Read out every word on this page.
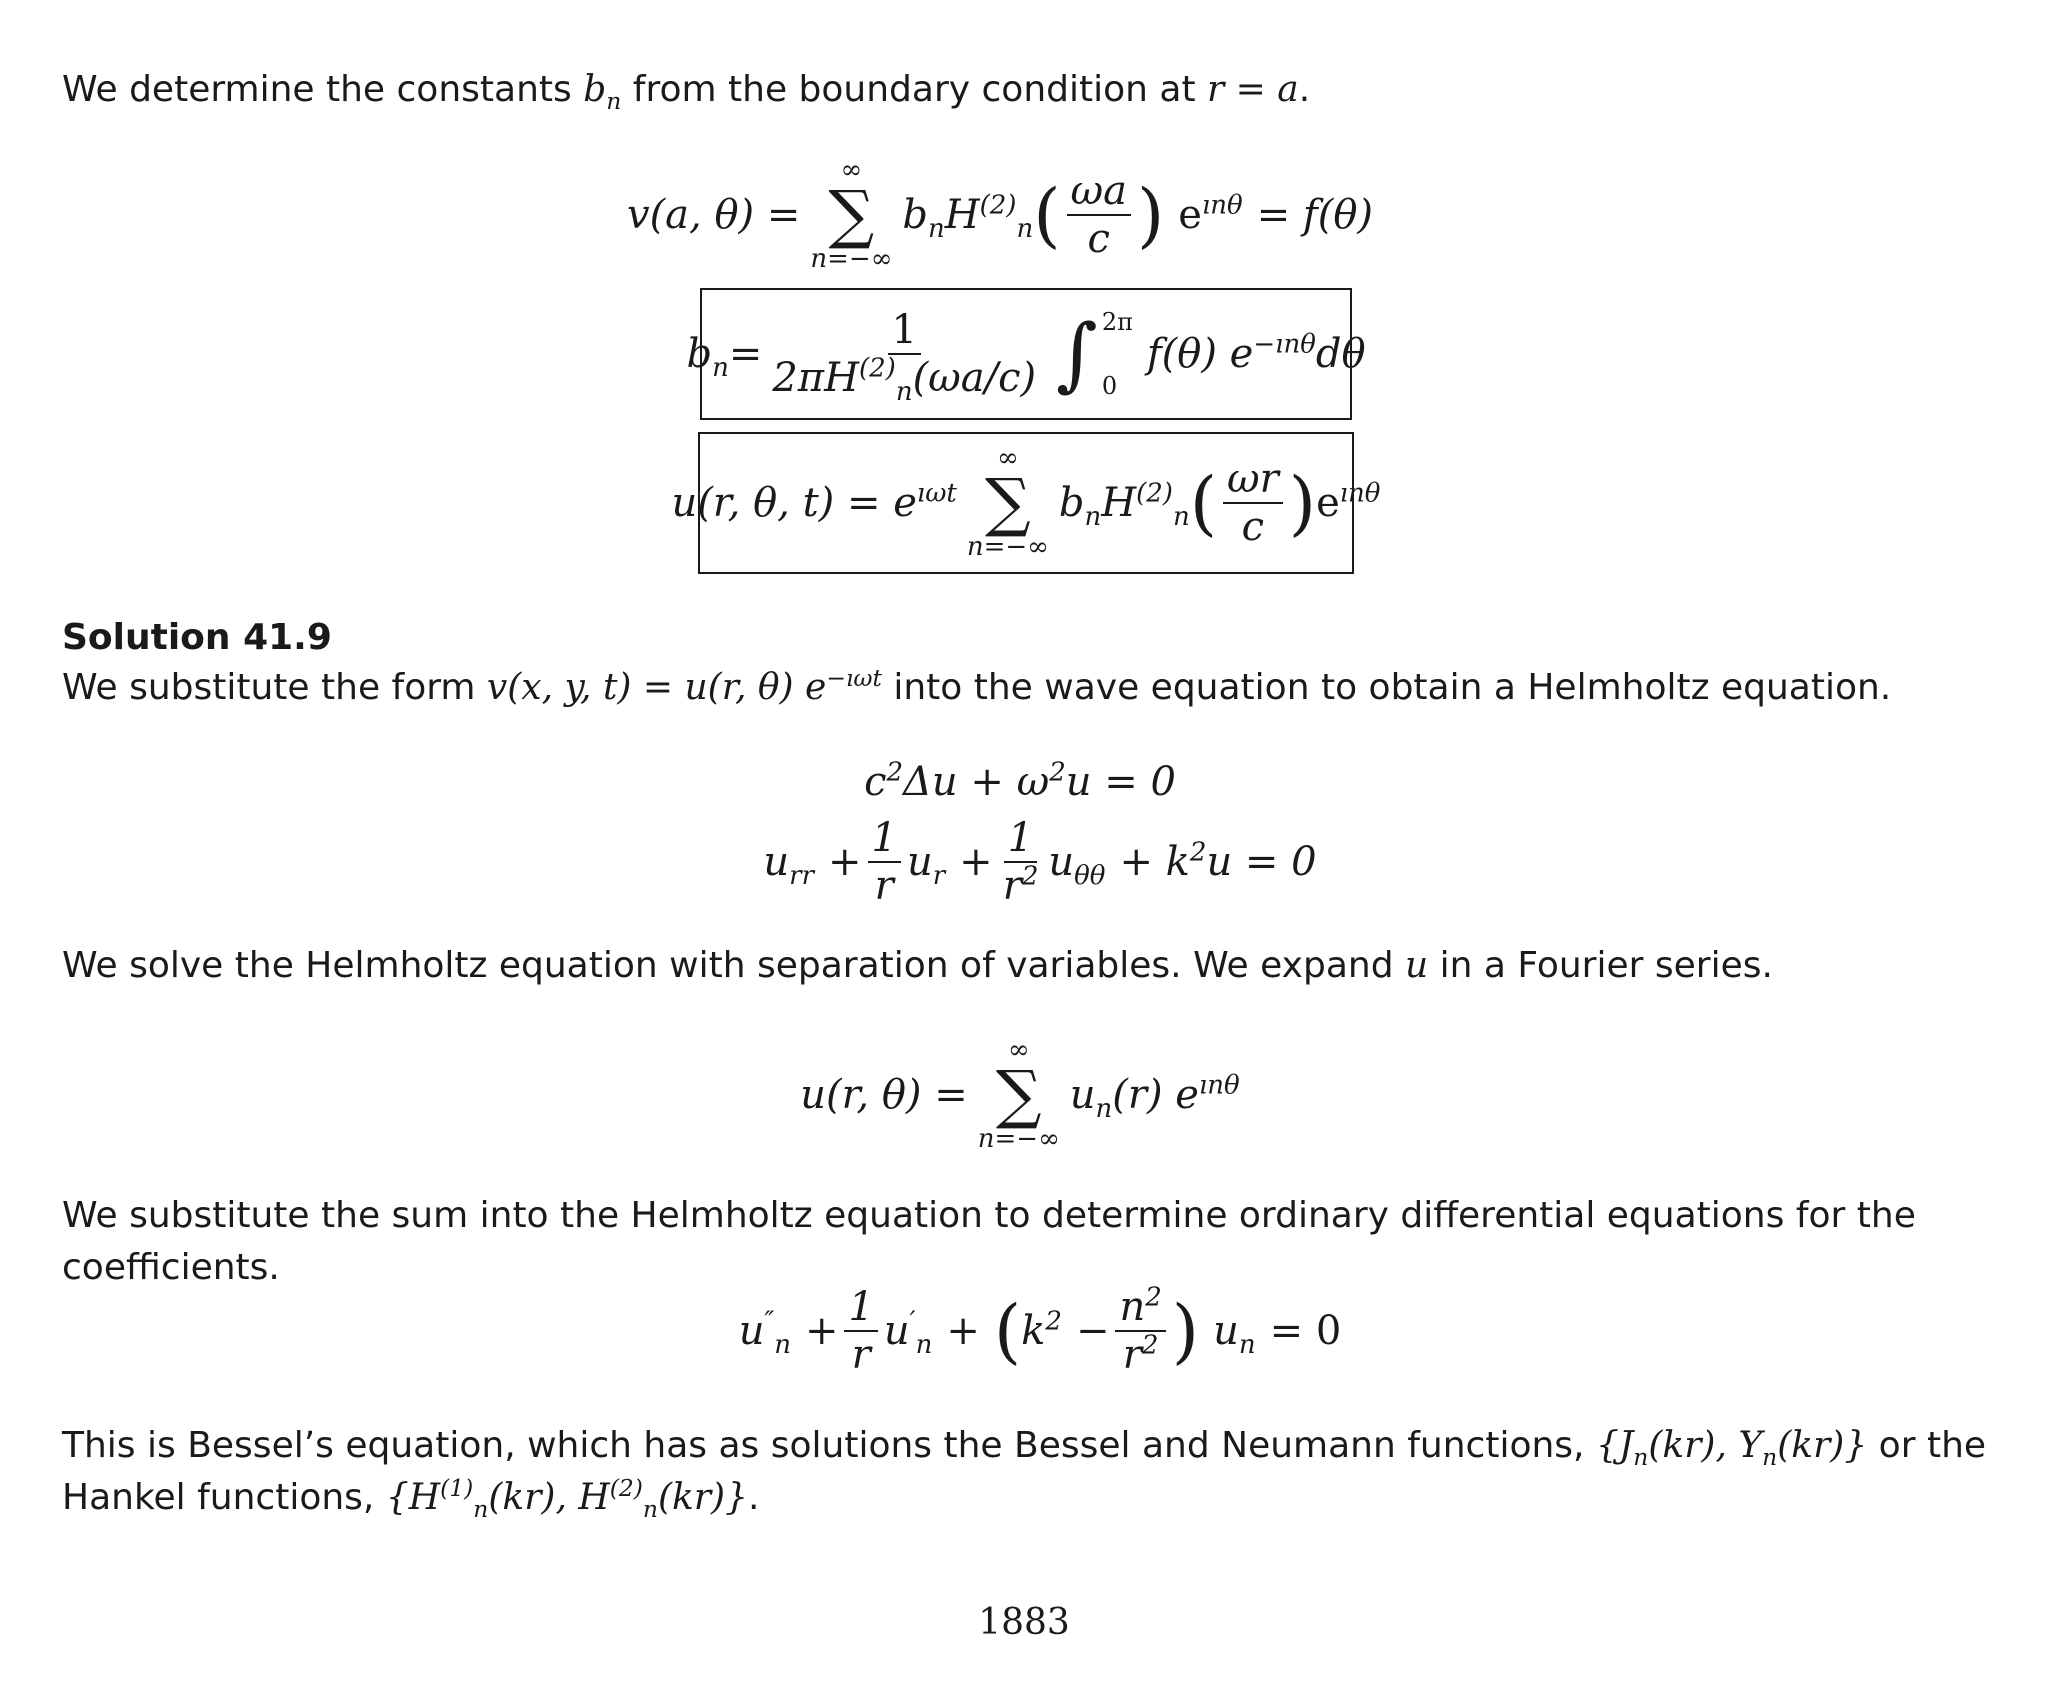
We determine the constants $b_n$ from the boundary condition at r = a.
v(a, θ) =
∞
∑
n=−∞
$b_n$ $H^{(2)}_n$ ( $\frac{\omega a}{c}$ ) $e^{ın\theta} = f(\theta)$
$b_n = \frac{1}{2\pi H^{(2)}_n(\omega a/c)}$ ∫ 2π
0
f(θ) $e^{-ın\theta}$ dθ
u(r, θ, $t) = e^{ı\omega t}$
∞
∑
n=−∞
$b_n$ $H^{(2)}_n$ ( $\frac{\omega r}{c}$ ) $e^{ın\theta}$
Solution 41.9
We substitute the form v(x, y, t) = u(r, θ) $e^{-ı\omega t}$ into the wave equation to obtain a Helmholtz equation.
$c^2\Delta u + \omega^2u = 0$
$u_{rr} + \frac{1}{r} u_r + \frac{1}{r^2} u_{\theta\theta} + k^2u = 0$
We solve the Helmholtz equation with separation of variables. We expand u in a Fourier series.
u(r, θ) =
∞
∑
n=−∞
$u_n(r)$ $e^{ın\theta}$
We substitute the sum into the Helmholtz equation to determine ordinary differential equations for the coefficients.
$u''_n + \frac{1}{r} u'_n$ + ( $k^2 - \frac{n^2}{r^2}$ ) $u_n = 0$
This is Bessel’s equation, which has as solutions the Bessel and Neumann functions, {$J_n(kr)$, $Y_n(kr)$} or the Hankel functions, {$H^{(1)}_n(kr)$, $H^{(2)}_n(kr)$}.
1883
